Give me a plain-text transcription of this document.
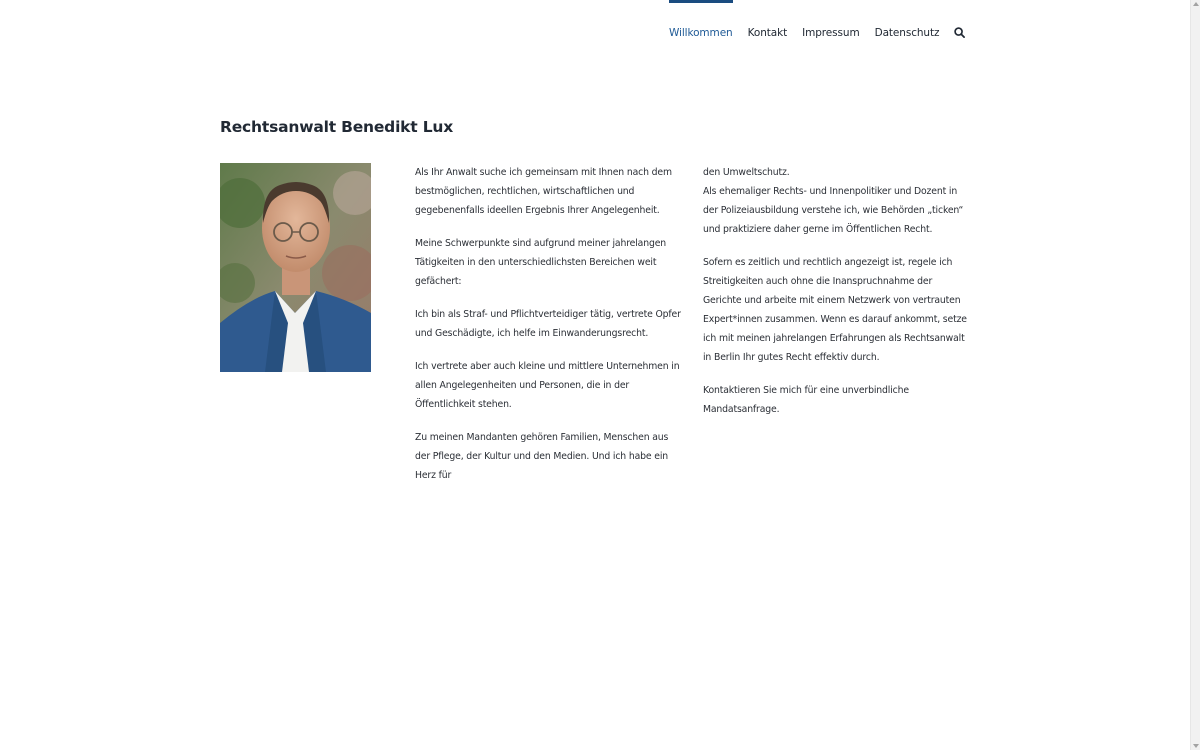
Willkommen Kontakt Impressum Datenschutz
Rechtsanwalt Benedikt Lux

Als Ihr Anwalt suche ich gemeinsam mit Ihnen nach dem bestmöglichen, rechtlichen, wirtschaftlichen und gegebenenfalls ideellen Ergebnis Ihrer Angelegenheit.

Meine Schwerpunkte sind aufgrund meiner jahrelangen Tätigkeiten in den unterschiedlichsten Bereichen weit gefächert:

Ich bin als Straf- und Pflichtverteidiger tätig, vertrete Opfer und Geschädigte, ich helfe im Einwanderungsrecht.

Ich vertrete aber auch kleine und mittlere Unternehmen in allen Angelegenheiten und Personen, die in der Öffentlichkeit stehen.

Zu meinen Mandanten gehören Familien, Menschen aus der Pflege, der Kultur und den Medien. Und ich habe ein Herz für

den Umweltschutz.

Als ehemaliger Rechts- und Innenpolitiker und Dozent in der Polizeiausbildung verstehe ich, wie Behörden „ticken“ und praktiziere daher gerne im Öffentlichen Recht.

Sofern es zeitlich und rechtlich angezeigt ist, regele ich Streitigkeiten auch ohne die Inanspruchnahme der Gerichte und arbeite mit einem Netzwerk von vertrauten Expert*innen zusammen. Wenn es darauf ankommt, setze ich mit meinen jahrelangen Erfahrungen als Rechtsanwalt in Berlin Ihr gutes Recht effektiv durch.

Kontaktieren Sie mich für eine unverbindliche Mandatsanfrage.
